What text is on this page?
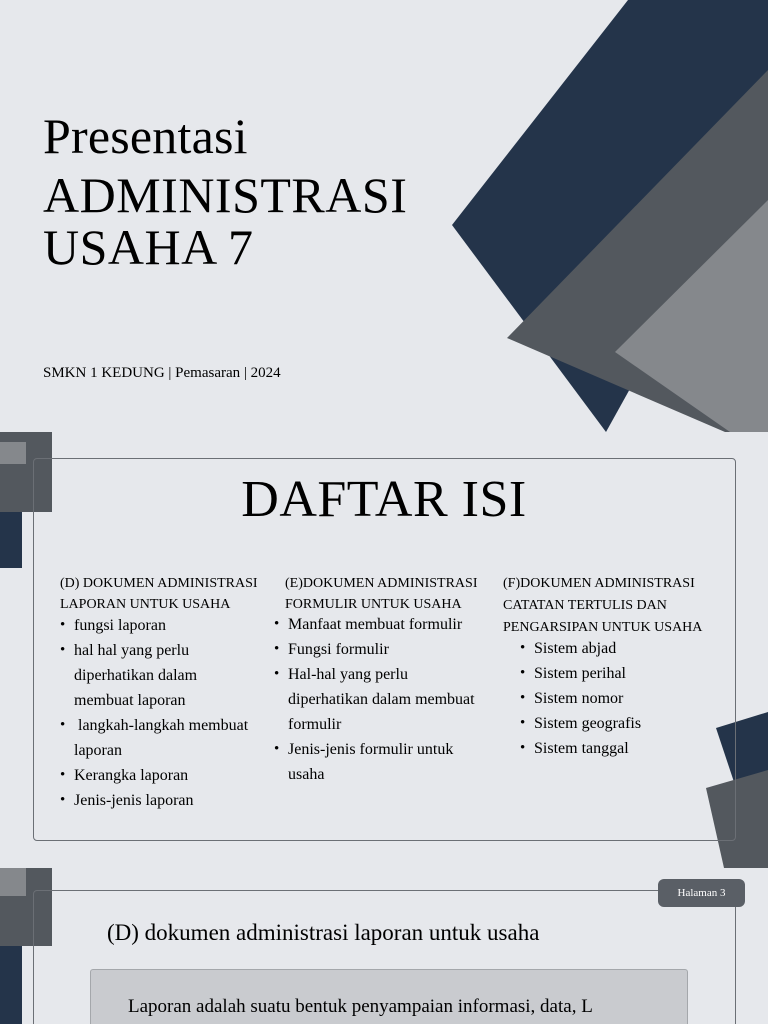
Presentasi
ADMINISTRASI
USAHA 7
SMKN 1 KEDUNG | Pemasaran | 2024
DAFTAR ISI
(D) DOKUMEN ADMINISTRASI
LAPORAN UNTUK USAHA
• fungsi laporan
• hal hal yang perlu
diperhatikan dalam
membuat laporan
•  langkah-langkah membuat
laporan
• Kerangka laporan
• Jenis-jenis laporan
(E)DOKUMEN ADMINISTRASI
FORMULIR UNTUK USAHA
• Manfaat membuat formulir
• Fungsi formulir
• Hal-hal yang perlu
diperhatikan dalam membuat
formulir
• Jenis-jenis formulir untuk
usaha
(F)DOKUMEN ADMINISTRASI
CATATAN TERTULIS DAN
PENGARSIPAN UNTUK USAHA
• Sistem abjad
• Sistem perihal
• Sistem nomor
• Sistem geografis
• Sistem tanggal
Halaman 3
(D) dokumen administrasi laporan untuk usaha
Laporan adalah suatu bentuk penyampaian informasi, data, L
